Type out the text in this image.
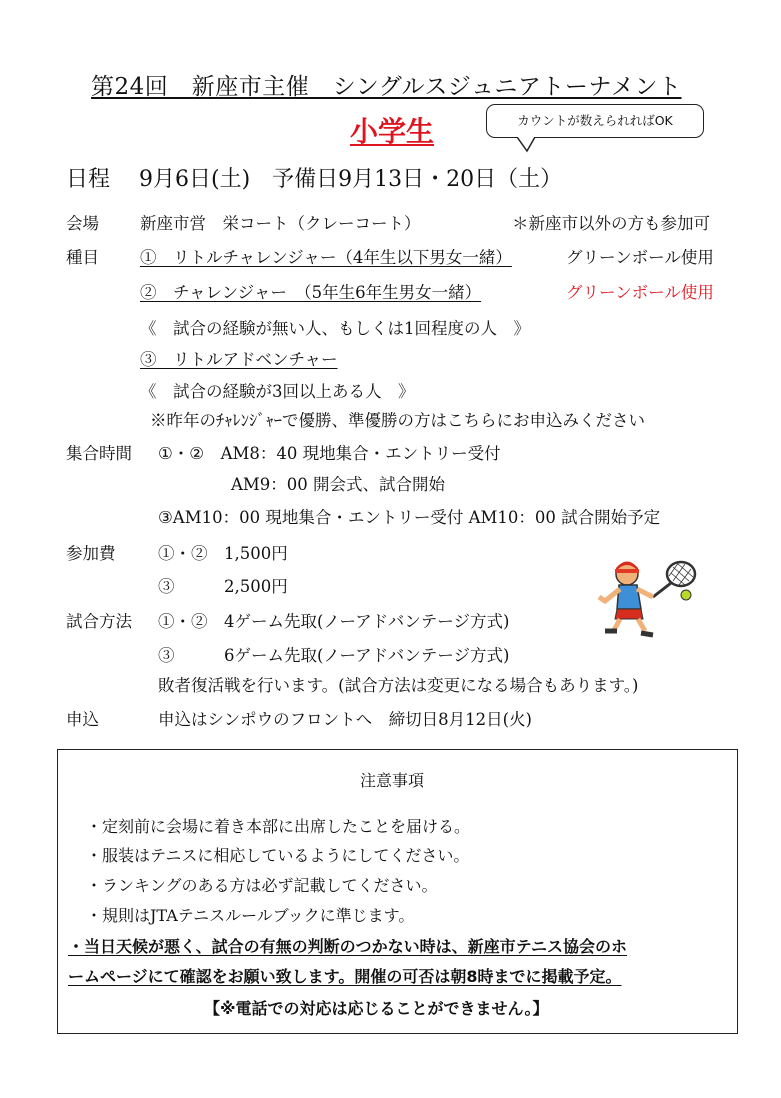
第24回　新座市主催　シングルスジュニアトーナメント
小学生	カウントが数えられればOK
日程　 9月6日(土)　予備日9月13日・20日（土）
会場 新座市営　栄コート（クレーコート）	＊新座市以外の方も参加可
種目 ①　リトルチャレンジャー（4年生以下男女一緒）	グリーンボール使用
②　チャレンジャー　（5年生6年生男女一緒）	グリーンボール使用
《　試合の経験が無い人、もしくは1回程度の人　》
③　リトルアドベンチャー
《　試合の経験が3回以上ある人　》
※昨年のﾁｬﾚﾝｼﾞｬｰで優勝、準優勝の方はこちらにお申込みください
集合時間 ①・②　AM8：40 現地集合・エントリー受付
AM9：00 開会式、試合開始
③AM10：00 現地集合・エントリー受付 AM10：00 試合開始予定
参加費	①・②　1,500円
③　　　2,500円
試合方法 ①・②　4ゲーム先取(ノーアドバンテージ方式)
③　　　6ゲーム先取(ノーアドバンテージ方式)
敗者復活戦を行います。(試合方法は変更になる場合もあります。)
申込	申込はシンポウのフロントへ　締切日8月12日(火)
注意事項
・定刻前に会場に着き本部に出席したことを届ける。
・服装はテニスに相応しているようにしてください。
・ランキングのある方は必ず記載してください。
・規則はJTAテニスルールブックに準じます。
・当日天候が悪く、試合の有無の判断のつかない時は、新座市テニス協会のホ
ームページにて確認をお願い致します。開催の可否は朝8時までに掲載予定。
【※電話での対応は応じることができません。】
